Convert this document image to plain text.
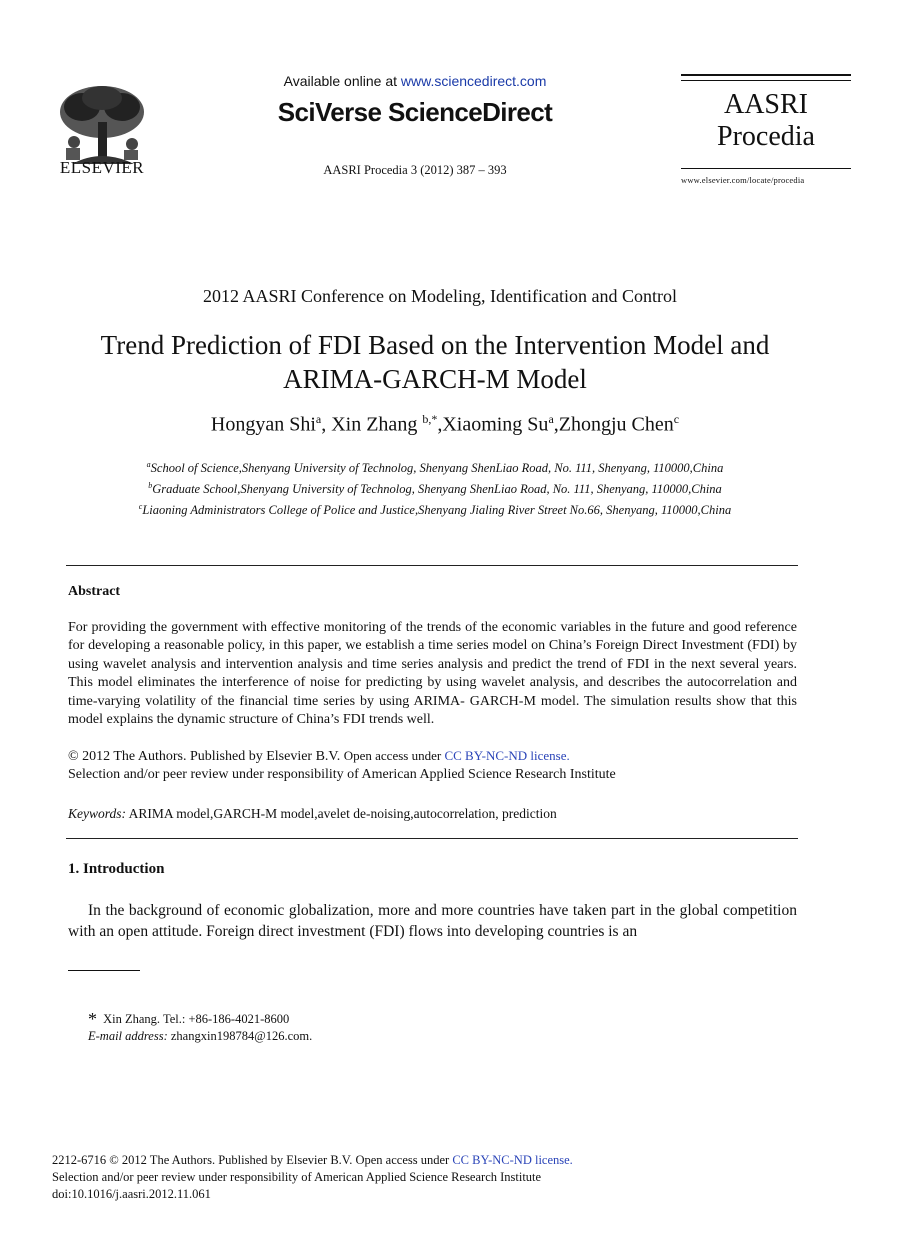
ELSEVIER
Available online at www.sciencedirect.com
SciVerse ScienceDirect
AASRI Procedia 3 (2012) 387 – 393
AASRI
Procedia
www.elsevier.com/locate/procedia
2012 AASRI Conference on Modeling, Identification and Control
Trend Prediction of FDI Based on the Intervention Model and
ARIMA-GARCH-M Model
Hongyan Shi$^a$, Xin Zhang $^{b,*}$,Xiaoming Su$^a$,Zhongju Chen$^c$
$^a$School of Science,Shenyang University of Technolog, Shenyang ShenLiao Road, No. 111, Shenyang, 110000,China
$^b$Graduate School,Shenyang University of Technolog, Shenyang ShenLiao Road, No. 111, Shenyang, 110000,China
$^c$Liaoning Administrators College of Police and Justice,Shenyang Jialing River Street No.66, Shenyang, 110000,China
Abstract
For providing the government with effective monitoring of the trends of the economic variables in the future and good reference for developing a reasonable policy, in this paper, we establish a time series model on China’s Foreign Direct Investment (FDI) by using wavelet analysis and intervention analysis and time series analysis and predict the trend of FDI in the next several years. This model eliminates the interference of noise for predicting by using wavelet analysis, and describes the autocorrelation and time-varying volatility of the financial time series by using ARIMA- GARCH-M model. The simulation results show that this model explains the dynamic structure of China’s FDI trends well.
© 2012 The Authors. Published by Elsevier B.V. Open access under CC BY-NC-ND license.
Selection and/or peer review under responsibility of American Applied Science Research Institute
Keywords: ARIMA model,GARCH-M model,avelet de-noising,autocorrelation, prediction
1. Introduction
In the background of economic globalization, more and more countries have taken part in the global competition with an open attitude. Foreign direct investment (FDI) flows into developing countries is an
* Xin Zhang. Tel.: +86-186-4021-8600
E-mail address: zhangxin198784@126.com.
2212-6716 © 2012 The Authors. Published by Elsevier B.V. Open access under CC BY-NC-ND license.
Selection and/or peer review under responsibility of American Applied Science Research Institute
doi:10.1016/j.aasri.2012.11.061
